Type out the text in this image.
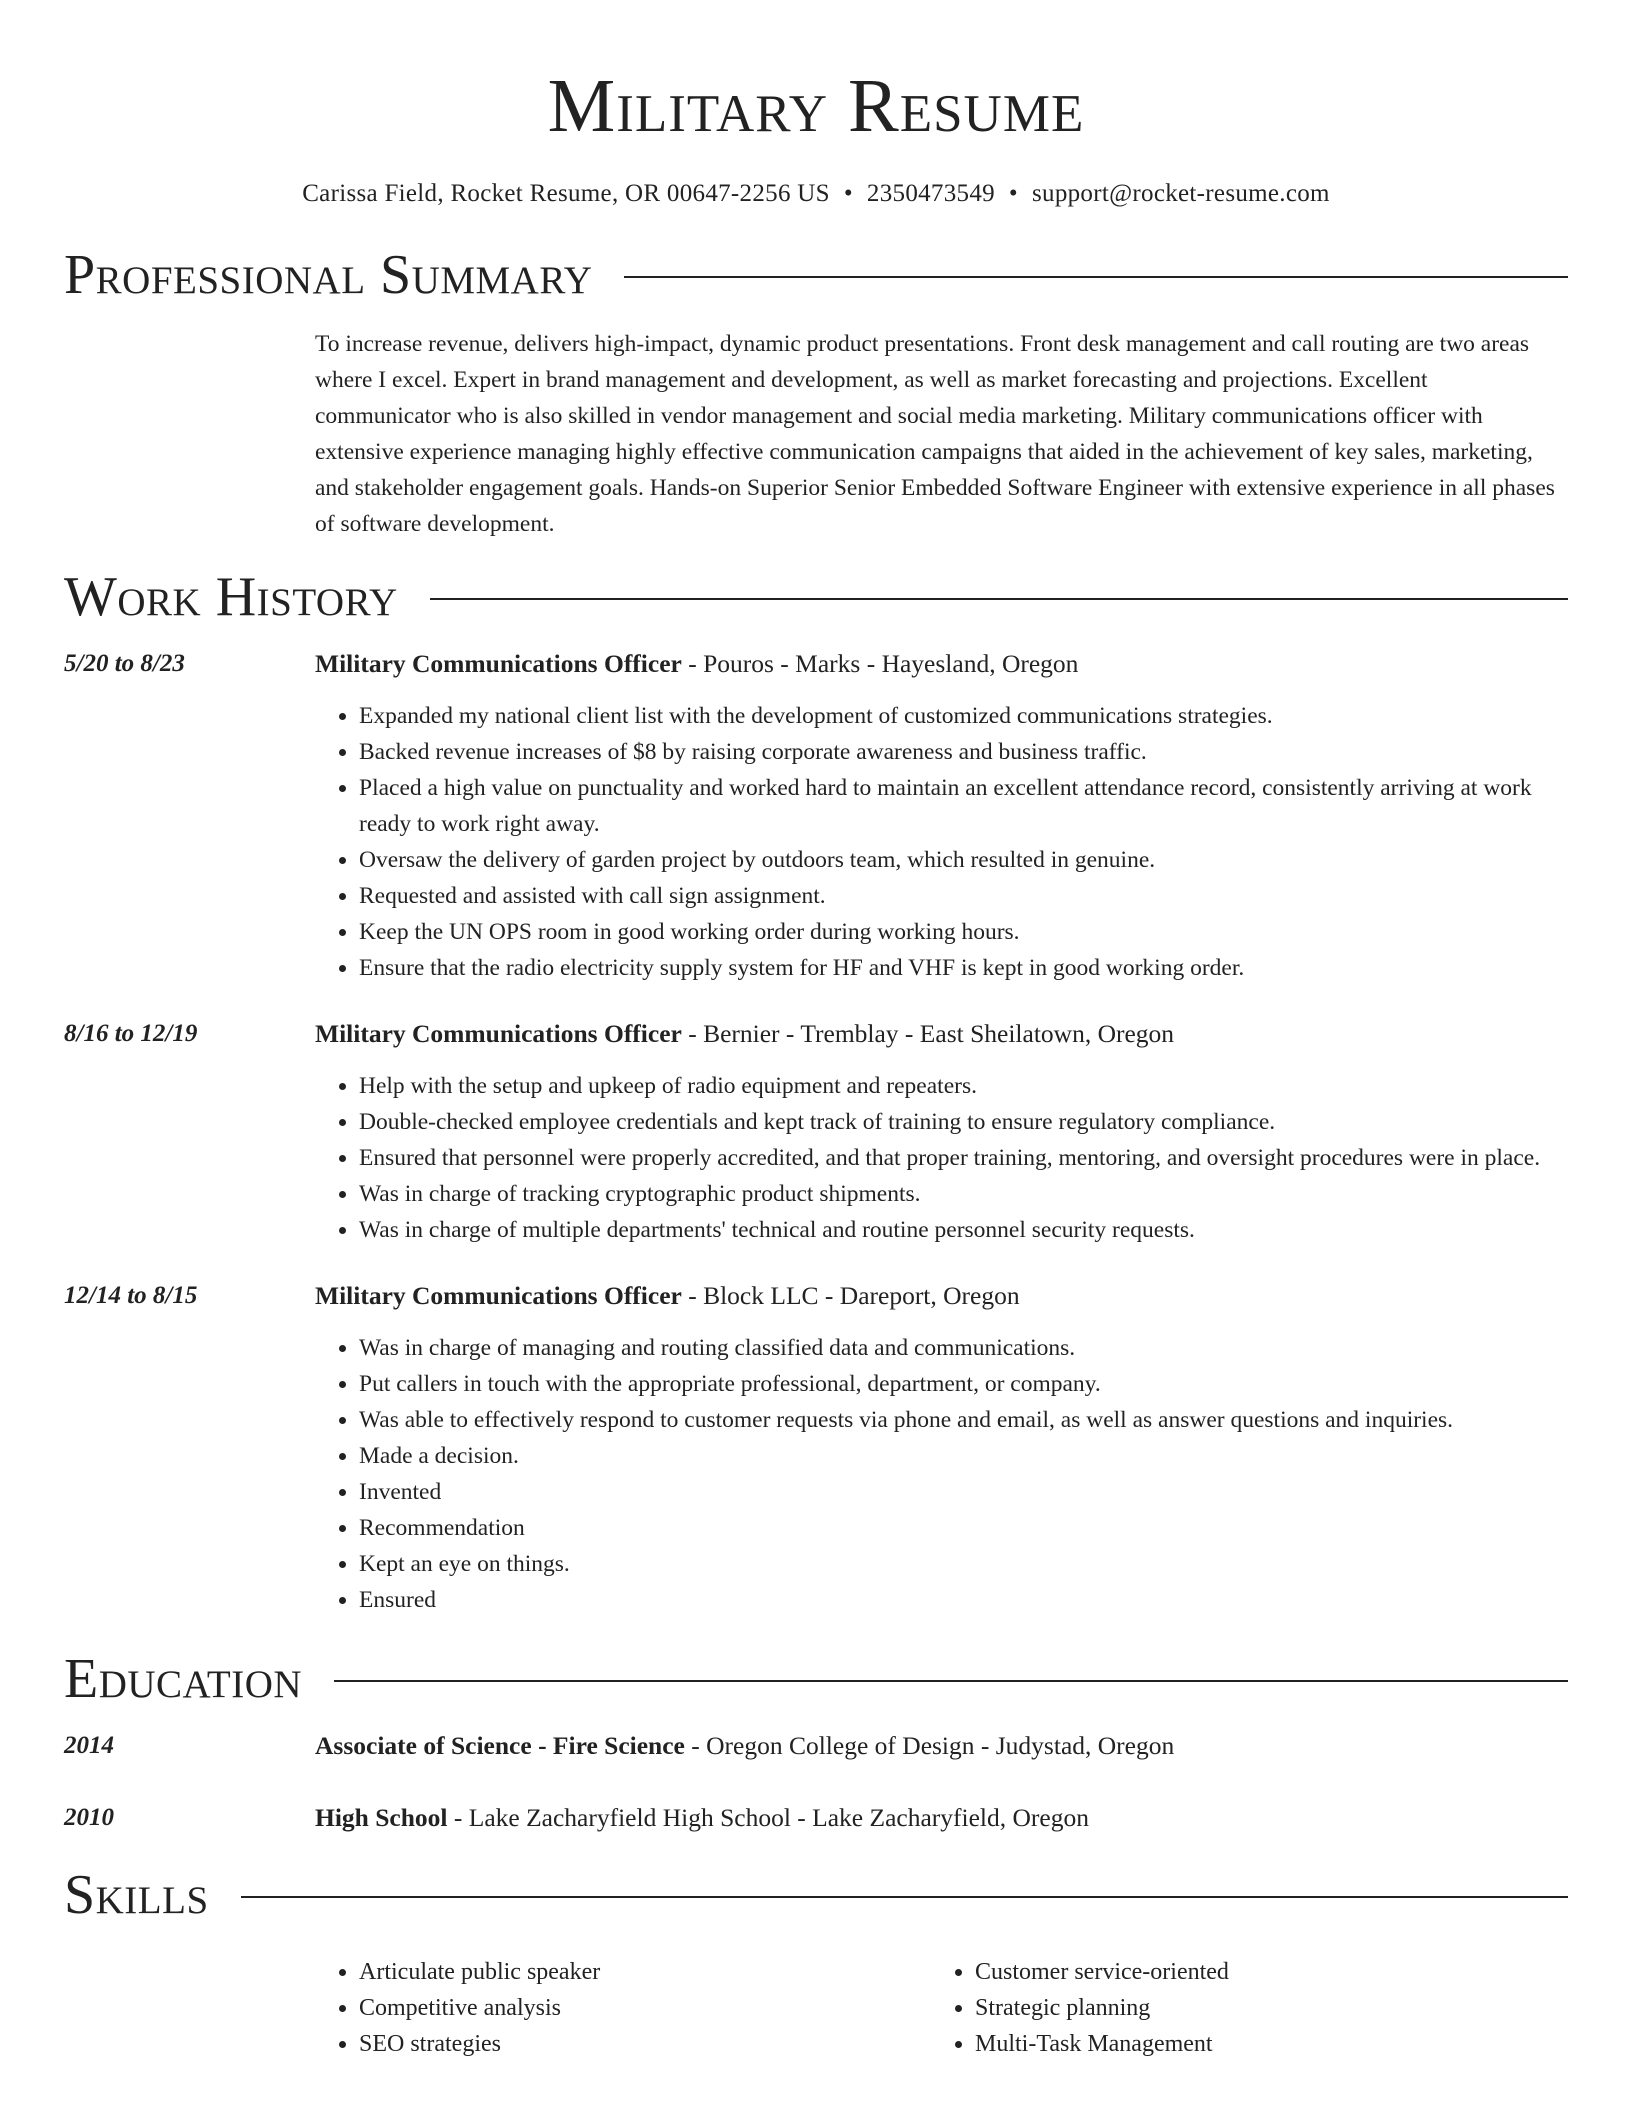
Military Resume
Carissa Field, Rocket Resume, OR 00647-2256 US • 2350473549 • support@rocket-resume.com
Professional Summary

To increase revenue, delivers high-impact, dynamic product presentations. Front desk management and call routing are two areas where I excel. Expert in brand management and development, as well as market forecasting and projections. Excellent communicator who is also skilled in vendor management and social media marketing. Military communications officer with extensive experience managing highly effective communication campaigns that aided in the achievement of key sales, marketing, and stakeholder engagement goals. Hands-on Superior Senior Embedded Software Engineer with extensive experience in all phases of software development.

Work History
5/20 to 8/23	Military Communications Officer - Pouros - Marks - Hayesland, Oregon
• Expanded my national client list with the development of customized communications strategies.
• Backed revenue increases of $8 by raising corporate awareness and business traffic.
• Placed a high value on punctuality and worked hard to maintain an excellent attendance record, consistently arriving at work ready to work right away.
• Oversaw the delivery of garden project by outdoors team, which resulted in genuine.
• Requested and assisted with call sign assignment.
• Keep the UN OPS room in good working order during working hours.
• Ensure that the radio electricity supply system for HF and VHF is kept in good working order.
8/16 to 12/19	Military Communications Officer - Bernier - Tremblay - East Sheilatown, Oregon
• Help with the setup and upkeep of radio equipment and repeaters.
• Double-checked employee credentials and kept track of training to ensure regulatory compliance.
• Ensured that personnel were properly accredited, and that proper training, mentoring, and oversight procedures were in place.
• Was in charge of tracking cryptographic product shipments.
• Was in charge of multiple departments' technical and routine personnel security requests.
12/14 to 8/15	Military Communications Officer - Block LLC - Dareport, Oregon
• Was in charge of managing and routing classified data and communications.
• Put callers in touch with the appropriate professional, department, or company.
• Was able to effectively respond to customer requests via phone and email, as well as answer questions and inquiries.
• Made a decision.
• Invented
• Recommendation
• Kept an eye on things.
• Ensured
Education
2014	Associate of Science - Fire Science - Oregon College of Design - Judystad, Oregon
2010	High School - Lake Zacharyfield High School - Lake Zacharyfield, Oregon
Skills
• Articulate public speaker
• Competitive analysis
• SEO strategies
• Customer service-oriented
• Strategic planning
• Multi-Task Management
